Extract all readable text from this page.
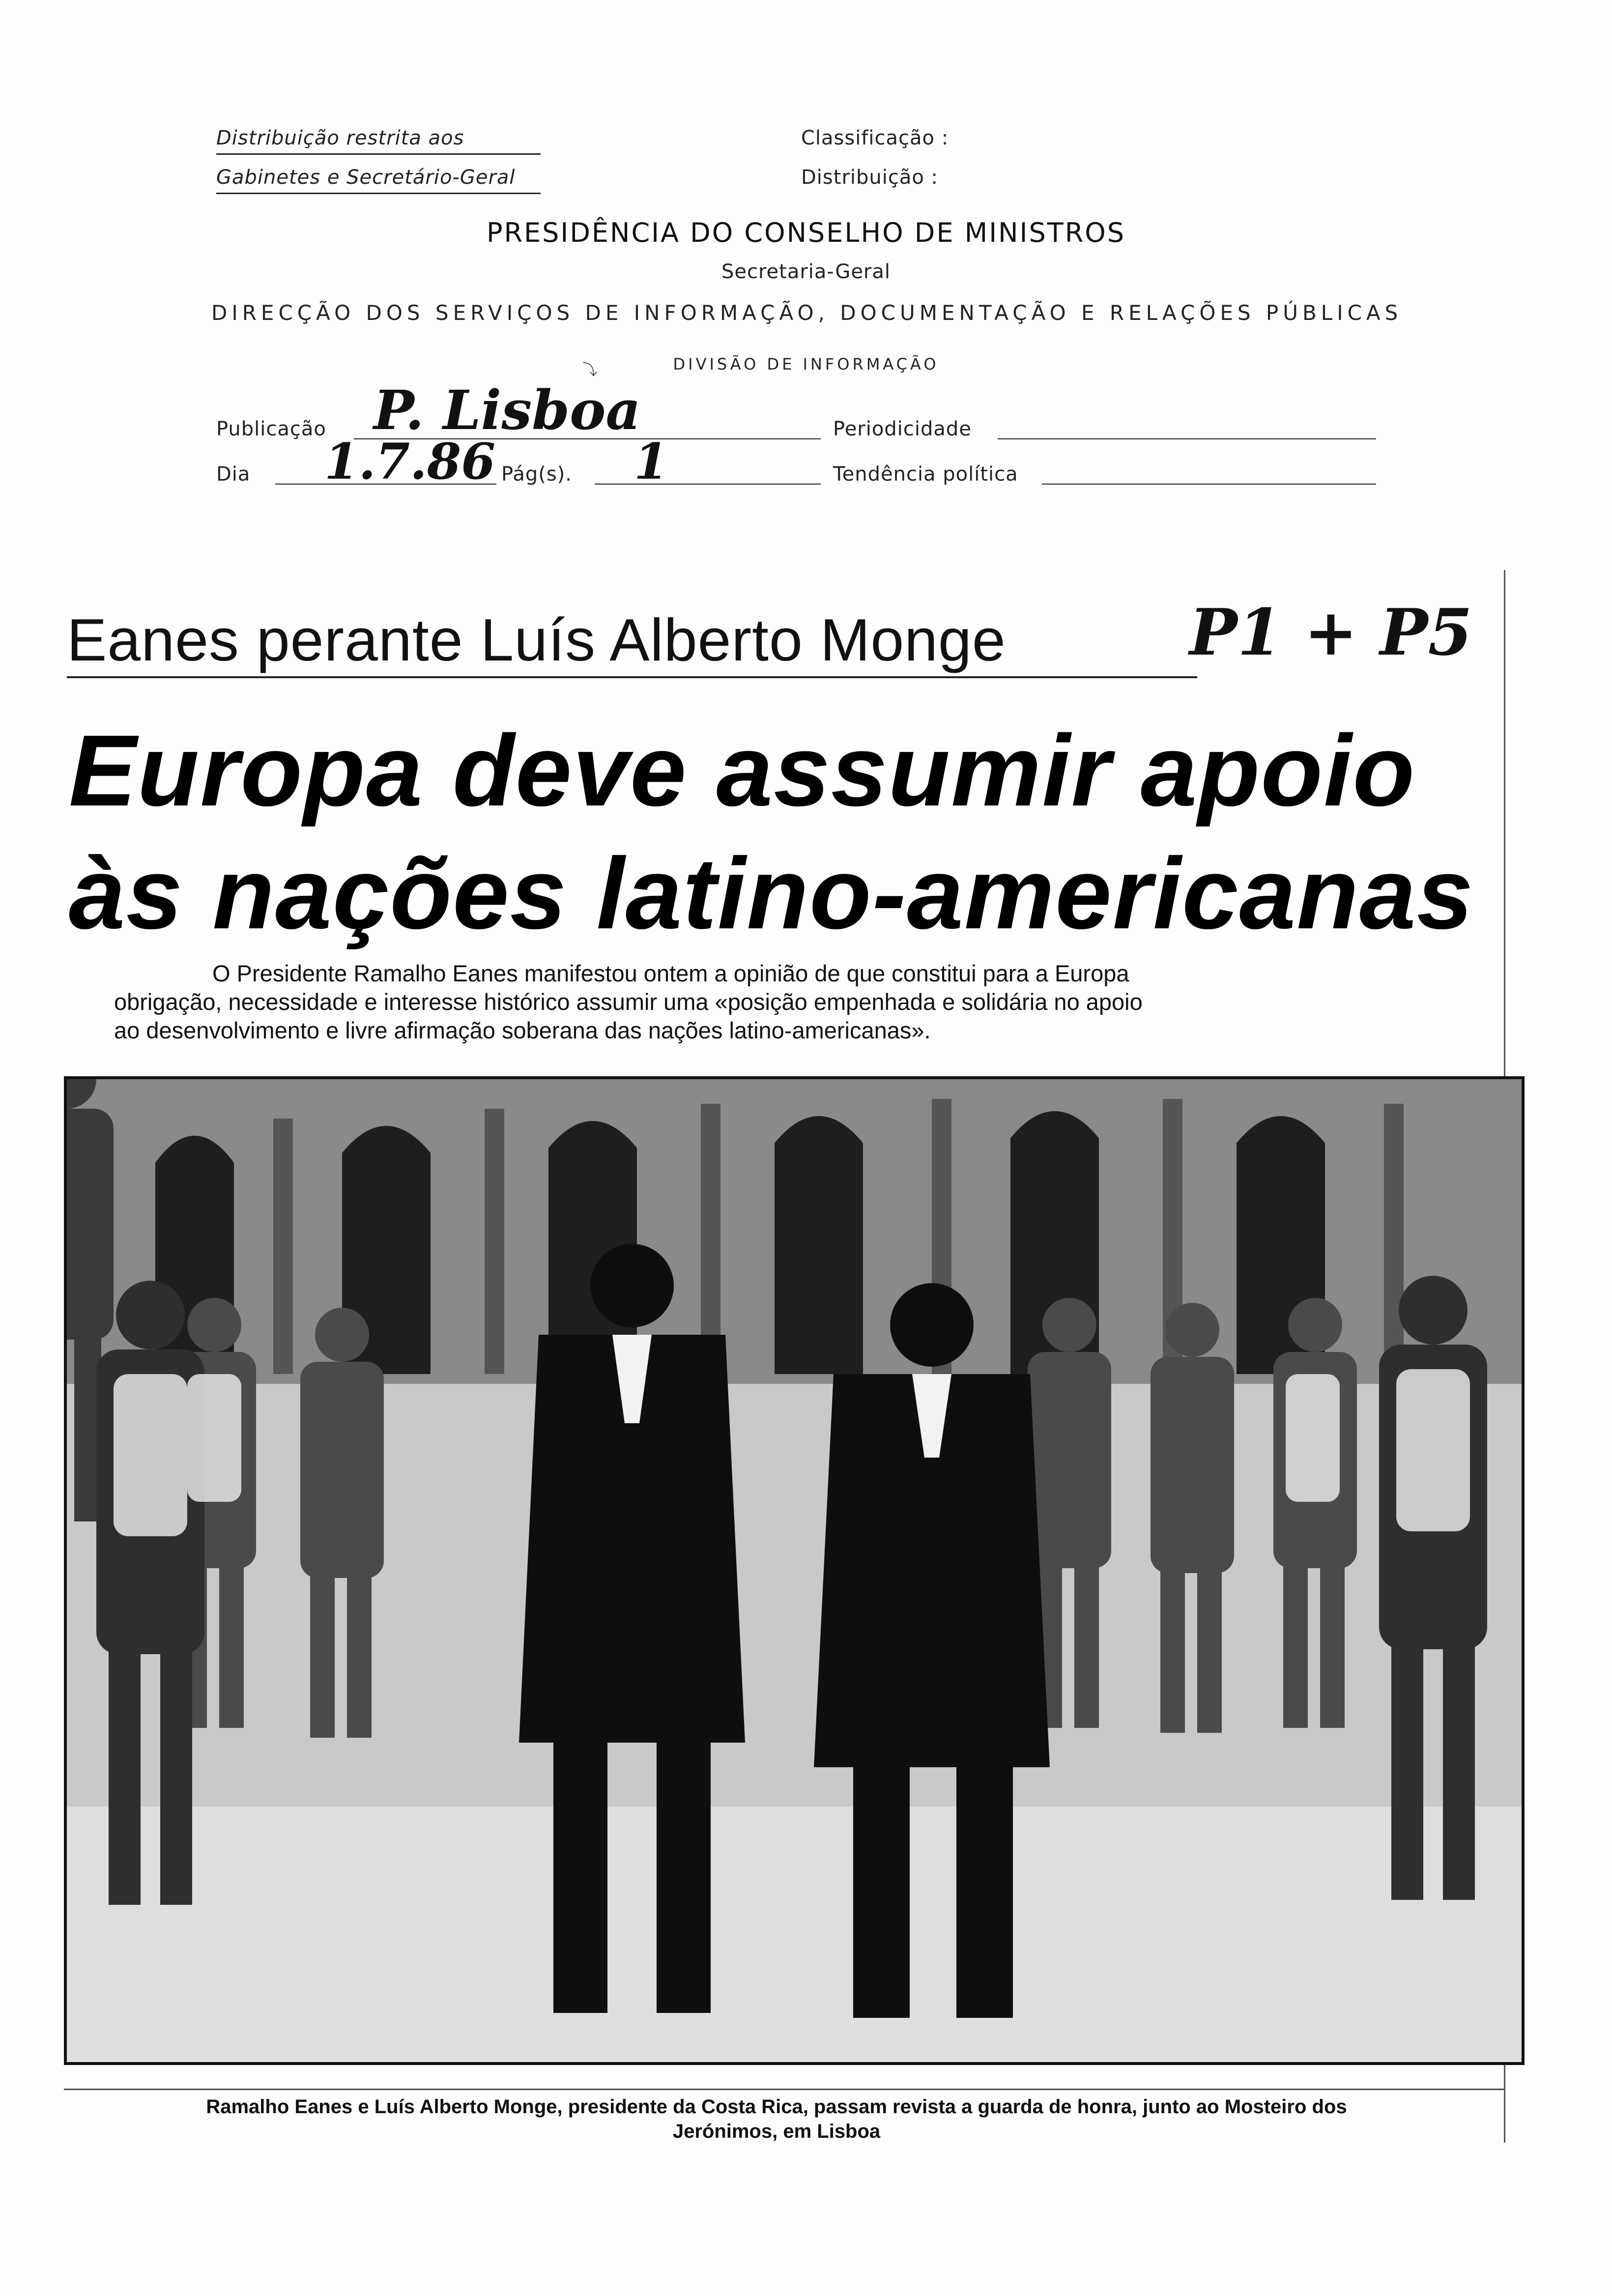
Distribuição restrita aos
Gabinetes e Secretário-Geral
Classificação :
Distribuição :
PRESIDÊNCIA DO CONSELHO DE MINISTROS
Secretaria-Geral
DIRECÇÃO DOS SERVIÇOS DE INFORMAÇÃO, DOCUMENTAÇÃO E RELAÇÕES PÚBLICAS
⤵	DIVISÃO DE INFORMAÇÃO
Publicação P. Lisboa	Periodicidade
Dia 1.7.86 Pág(s). 1	Tendência política
Eanes perante Luís Alberto Monge	P1 + P5
Europa deve assumir apoio
às nações latino-americanas
O Presidente Ramalho Eanes manifestou ontem a opinião de que constitui para a Europa
obrigação, necessidade e interesse histórico assumir uma «posição empenhada e solidária no apoio
ao desenvolvimento e livre afirmação soberana das nações latino-americanas».
Ramalho Eanes e Luís Alberto Monge, presidente da Costa Rica, passam revista a guarda de honra, junto ao Mosteiro dos
Jerónimos, em Lisboa
